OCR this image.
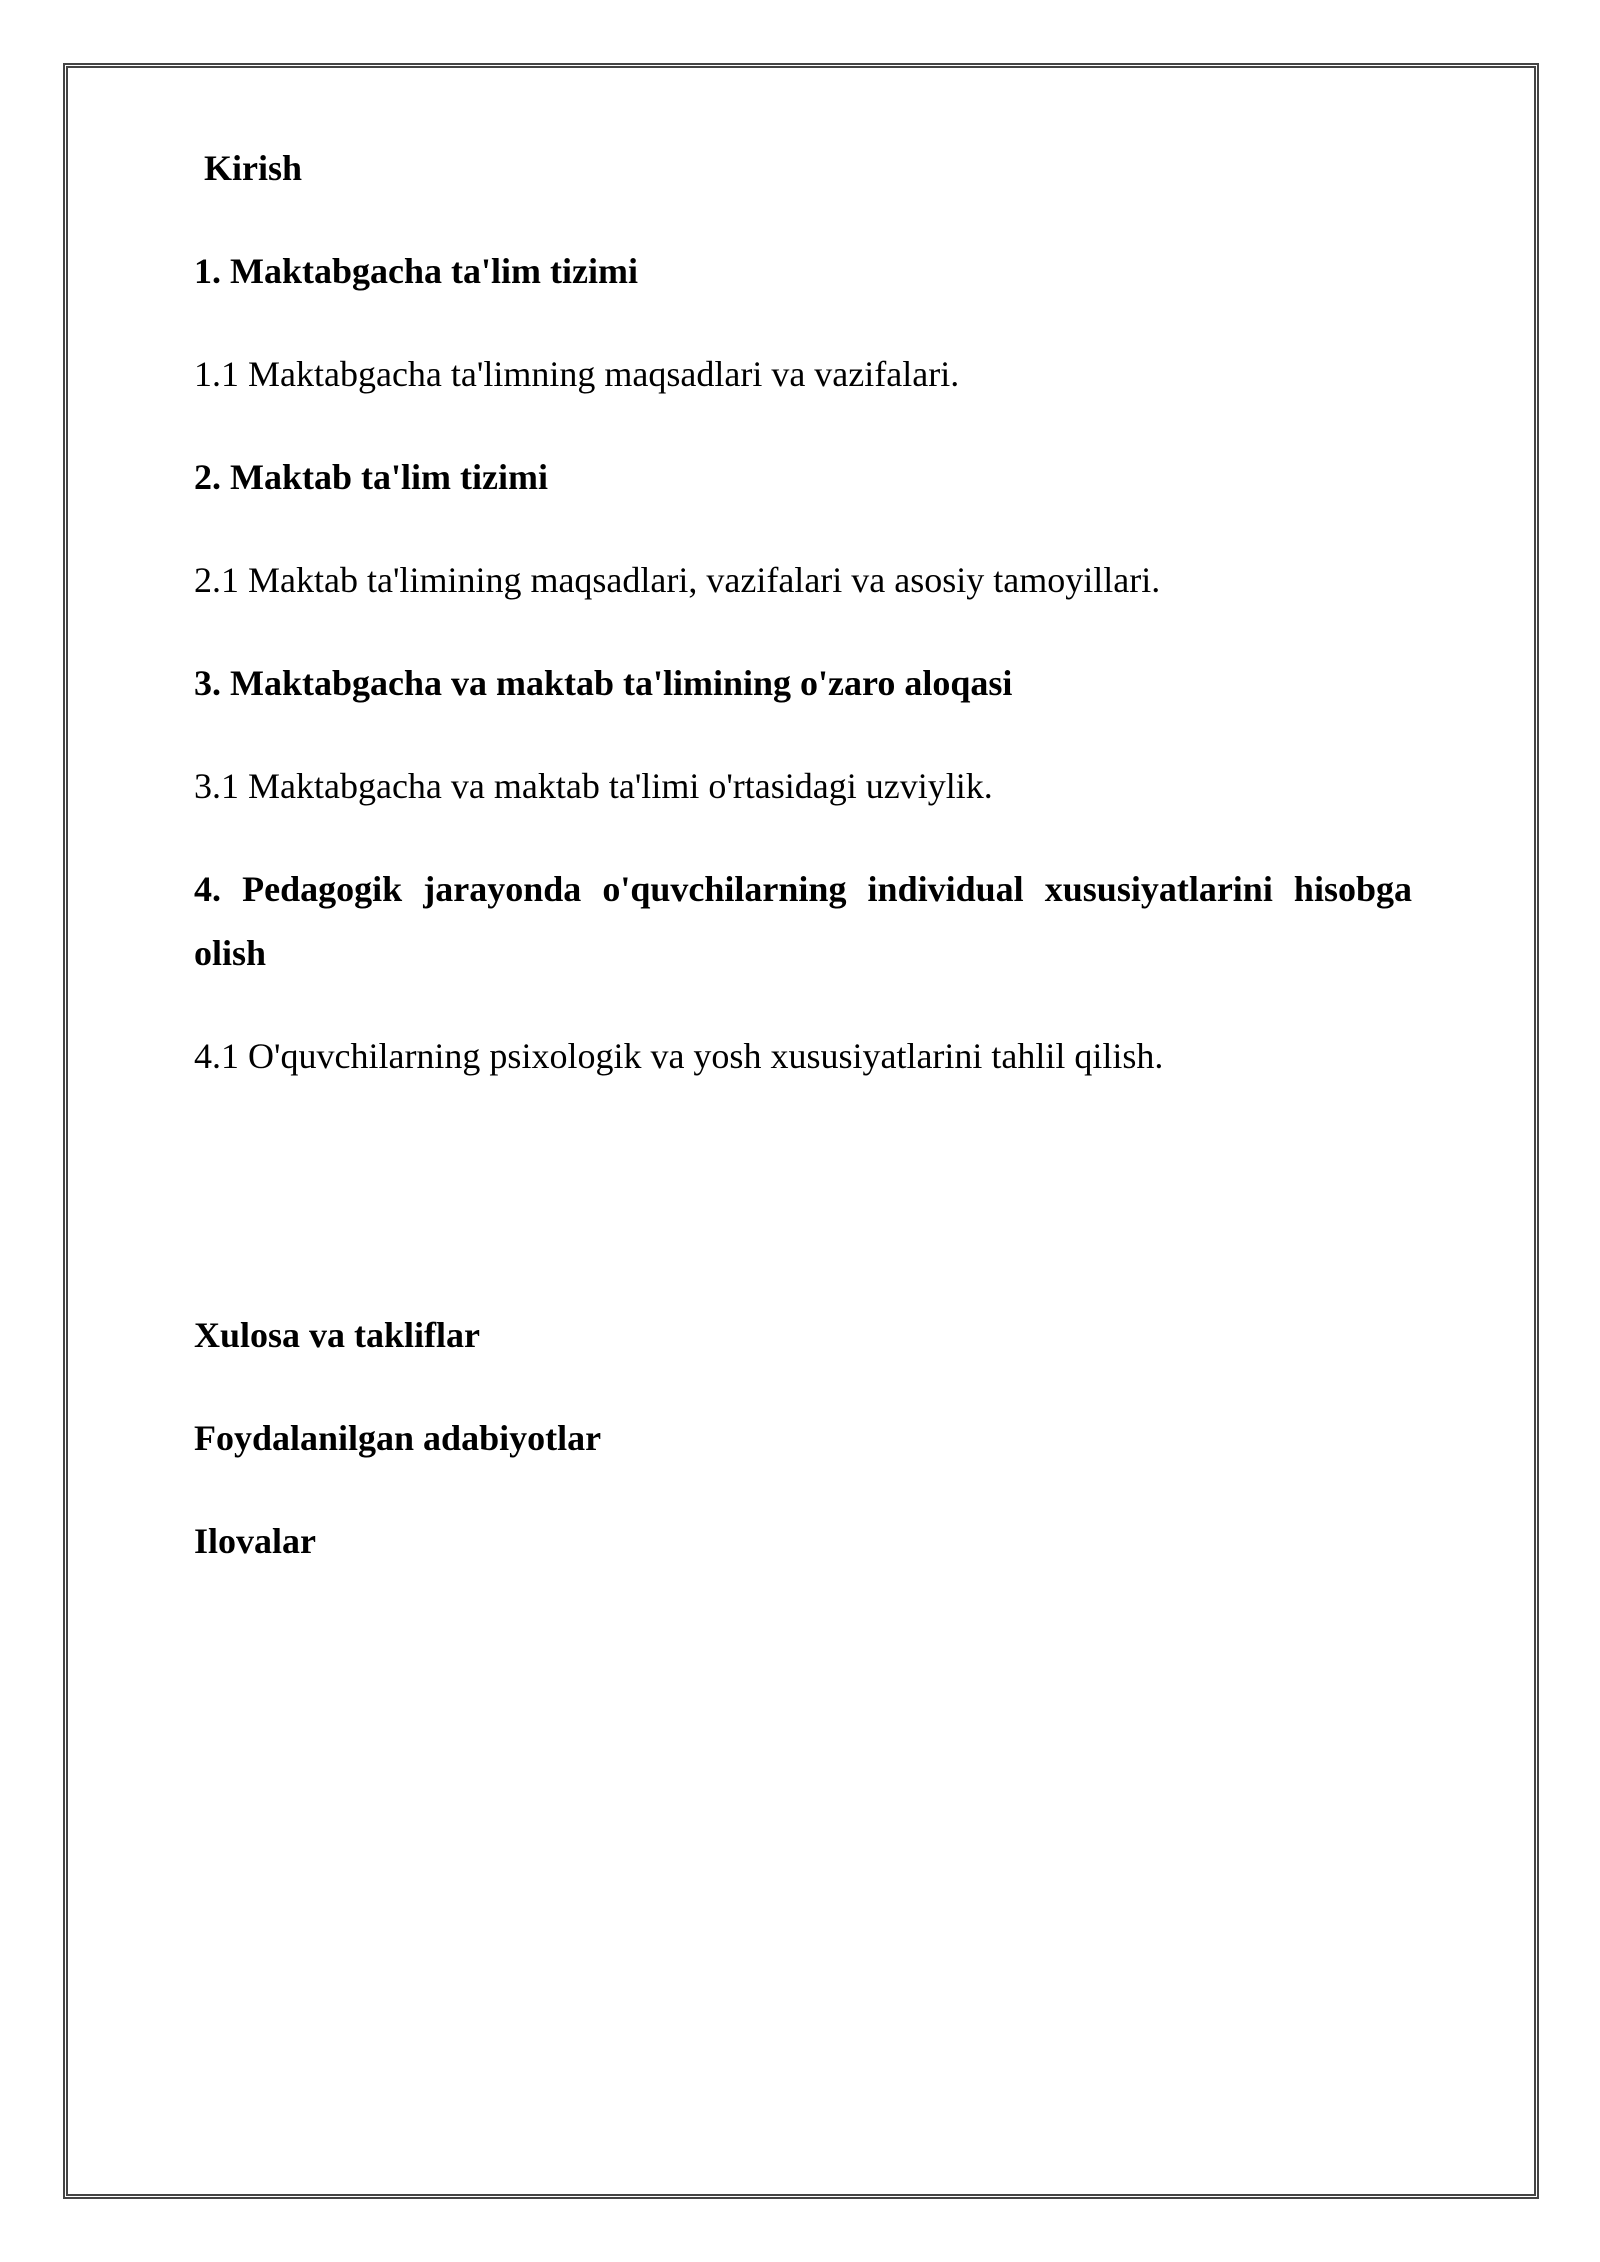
Kirish

1. Maktabgacha ta'lim tizimi

1.1 Maktabgacha ta'limning maqsadlari va vazifalari.

2. Maktab ta'lim tizimi

2.1 Maktab ta'limining maqsadlari, vazifalari va asosiy tamoyillari.

3. Maktabgacha va maktab ta'limining o'zaro aloqasi

3.1 Maktabgacha va maktab ta'limi o'rtasidagi uzviylik.

4. Pedagogik jarayonda o'quvchilarning individual xususiyatlarini hisobga olish

4.1 O'quvchilarning psixologik va yosh xususiyatlarini tahlil qilish.

Xulosa va takliflar

Foydalanilgan adabiyotlar

Ilovalar
